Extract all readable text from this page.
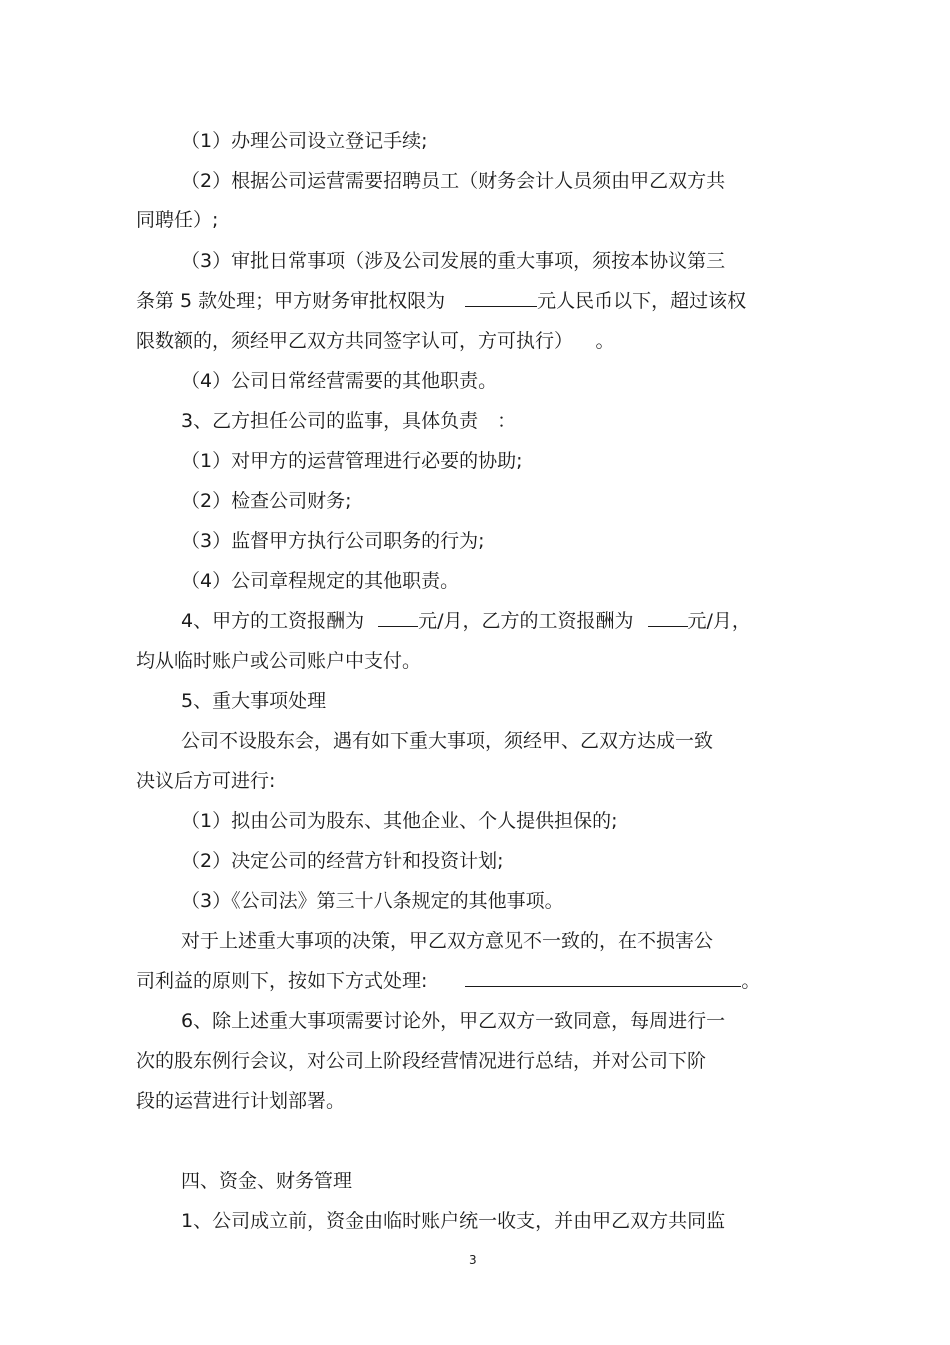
（1）办理公司设立登记手续;
（2）根据公司运营需要招聘员工（财务会计人员须由甲乙双方共
同聘任）;
（3）审批日常事项（涉及公司发展的重大事项，须按本协议第三
条第 5 款处理；甲方财务审批权限为	元人民币以下，超过该权
限数额的，须经甲乙双方共同签字认可，方可执行） 。
（4）公司日常经营需要的其他职责。
3、乙方担任公司的监事，具体负责　：
（1）对甲方的运营管理进行必要的协助;
（2）检查公司财务;
（3）监督甲方执行公司职务的行为;
（4）公司章程规定的其他职责。
4、甲方的工资报酬为	元/月，乙方的工资报酬为	元/月，
均从临时账户或公司账户中支付。
5、重大事项处理
公司不设股东会，遇有如下重大事项，须经甲、乙双方达成一致
决议后方可进行:
（1）拟由公司为股东、其他企业、个人提供担保的;
（2）决定公司的经营方针和投资计划;
（3）《公司法》第三十八条规定的其他事项。
对于上述重大事项的决策，甲乙双方意见不一致的，在不损害公
司利益的原则下，按如下方式处理:	。
6、除上述重大事项需要讨论外，甲乙双方一致同意，每周进行一
次的股东例行会议，对公司上阶段经营情况进行总结，并对公司下阶
段的运营进行计划部署。
四、资金、财务管理
1、公司成立前，资金由临时账户统一收支，并由甲乙双方共同监
3
